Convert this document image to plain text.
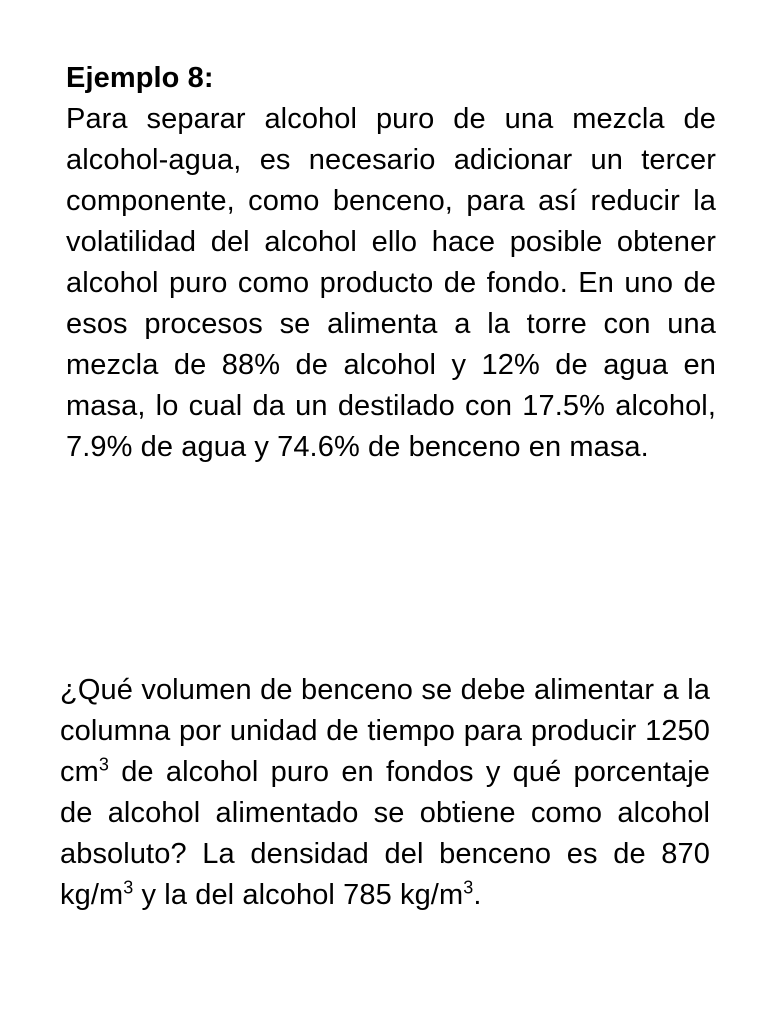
Ejemplo 8:
Para separar alcohol puro de una mezcla de alcohol-agua, es necesario adicionar un tercer componente, como benceno, para así reducir la volatilidad del alcohol ello hace posible obtener alcohol puro como producto de fondo. En uno de esos procesos se alimenta a la torre con una mezcla de 88% de alcohol y 12% de agua en masa, lo cual da un destilado con 17.5% alcohol, 7.9% de agua y 74.6% de benceno en masa.
¿Qué volumen de benceno se debe alimentar a la columna por unidad de tiempo para producir 1250 $cm^3$ de alcohol puro en fondos y qué porcentaje de alcohol alimentado se obtiene como alcohol absoluto? La densidad del benceno es de 870 $kg/m^3$ y la del alcohol 785 $kg/m^3$.
